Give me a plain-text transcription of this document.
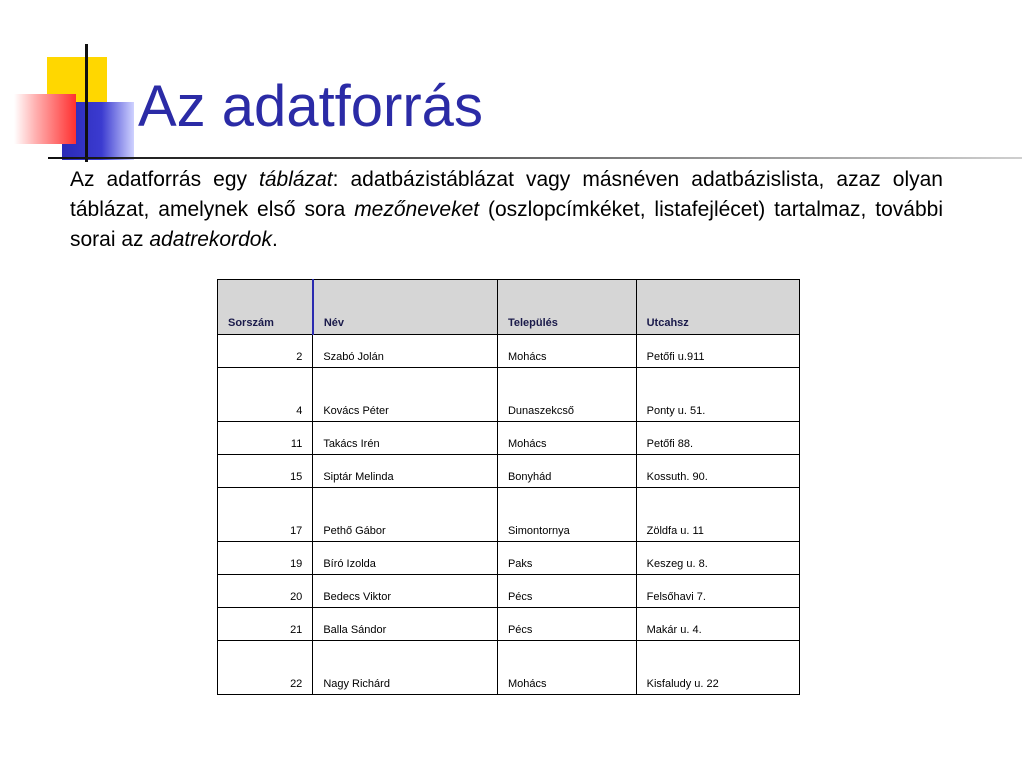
Az adatforrás

Az adatforrás egy táblázat: adatbázistáblázat vagy másnéven adatbázislista, azaz olyan táblázat, amelynek első sora mezőneveket (oszlopcímkéket, listafejlécet) tartalmaz, további sorai az adatrekordok.

Sorszám	Név	Település	Utcahsz
2	Szabó Jolán	Mohács	Petőfi u.911
4	Kovács Péter	Dunaszekcső	Ponty u. 51.
11	Takács Irén	Mohács	Petőfi 88.
15	Siptár Melinda	Bonyhád	Kossuth. 90.
17	Pethő Gábor	Simontornya	Zöldfa u. 11
19	Bíró Izolda	Paks	Keszeg u. 8.
20	Bedecs Viktor	Pécs	Felsőhavi 7.
21	Balla Sándor	Pécs	Makár u. 4.
22	Nagy Richárd	Mohács	Kisfaludy u. 22
